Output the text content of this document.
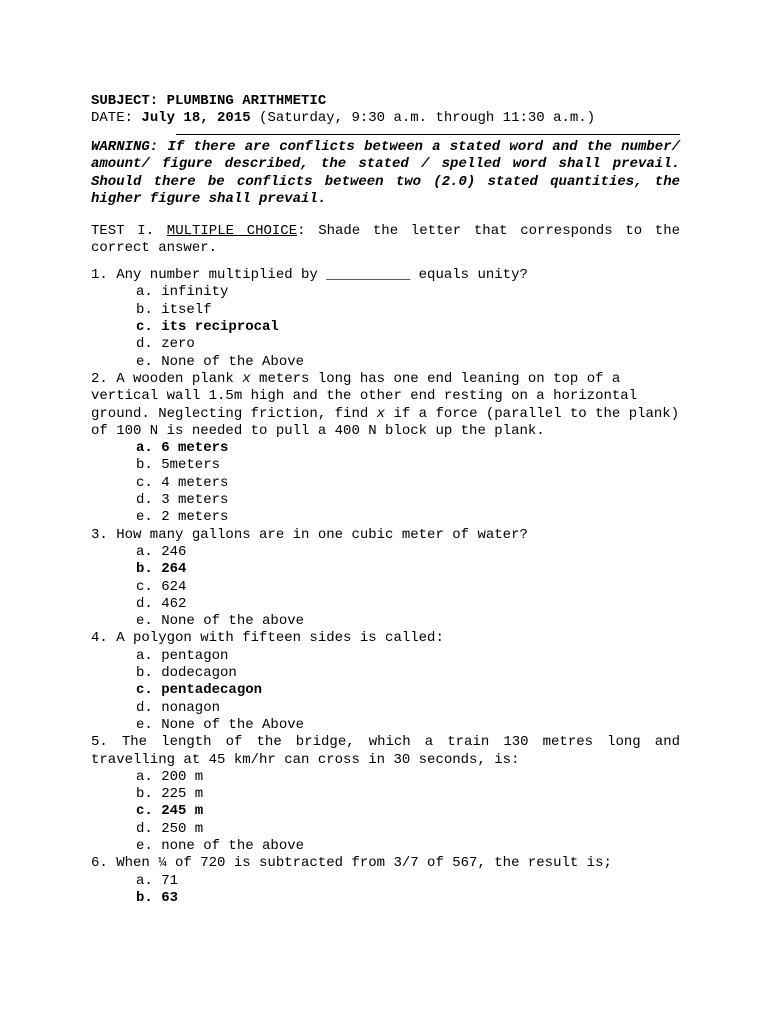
SUBJECT: PLUMBING ARITHMETIC
DATE: July 18, 2015 (Saturday, 9:30 a.m. through 11:30 a.m.)
WARNING: If there are conflicts between a stated word and the number/ amount/ figure described, the stated / spelled word shall prevail. Should there be conflicts between two (2.0) stated quantities, the higher figure shall prevail.
TEST I. MULTIPLE CHOICE: Shade the letter that corresponds to the correct answer.
1. Any number multiplied by __________ equals unity?
a. infinity
b. itself
c. its reciprocal
d. zero
e. None of the Above
2. A wooden plank x meters long has one end leaning on top of a vertical wall 1.5m high and the other end resting on a horizontal ground. Neglecting friction, find x if a force (parallel to the plank) of 100 N is needed to pull a 400 N block up the plank.
a. 6 meters
b. 5meters
c. 4 meters
d. 3 meters
e. 2 meters
3. How many gallons are in one cubic meter of water?
a. 246
b. 264
c. 624
d. 462
e. None of the above
4. A polygon with fifteen sides is called:
a. pentagon
b. dodecagon
c. pentadecagon
d. nonagon
e. None of the Above
5. The length of the bridge, which a train 130 metres long and travelling at 45 km/hr can cross in 30 seconds, is:
a. 200 m
b. 225 m
c. 245 m
d. 250 m
e. none of the above
6. When ¼ of 720 is subtracted from 3/7 of 567, the result is;
a. 71
b. 63
